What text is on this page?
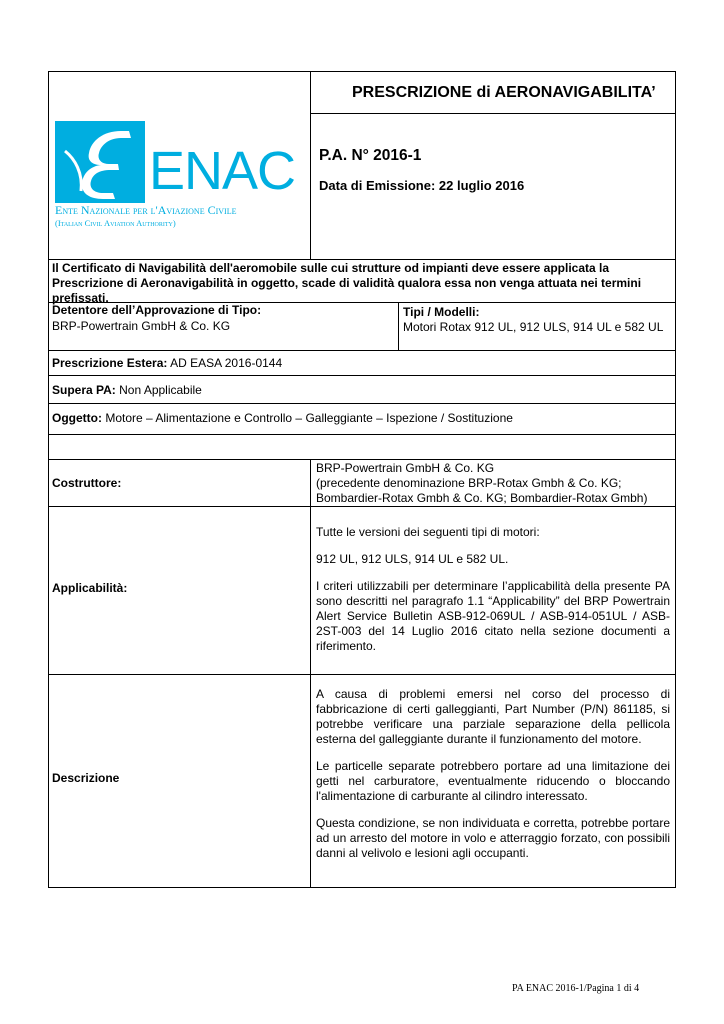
ENAC
Ente Nazionale per l'Aviazione Civile
(Italian Civil Aviation Authority)
PRESCRIZIONE di AERONAVIGABILITA’
P.A. N° 2016-1
Data di Emissione: 22 luglio 2016
Il Certificato di Navigabilità dell'aeromobile sulle cui strutture od impianti deve essere applicata la Prescrizione di Aeronavigabilità in oggetto, scade di validità qualora essa non venga attuata nei termini prefissati.
Detentore dell’Approvazione di Tipo:
BRP-Powertrain GmbH & Co. KG
Tipi / Modelli:
Motori Rotax 912 UL, 912 ULS, 914 UL e 582 UL
Prescrizione Estera: AD EASA 2016-0144
Supera PA: Non Applicabile
Oggetto: Motore – Alimentazione e Controllo – Galleggiante – Ispezione / Sostituzione
Costruttore:
BRP-Powertrain GmbH & Co. KG
(precedente denominazione BRP-Rotax Gmbh & Co. KG;
Bombardier-Rotax Gmbh & Co. KG; Bombardier-Rotax Gmbh)
Applicabilità:
Tutte le versioni dei seguenti tipi di motori:
912 UL, 912 ULS, 914 UL e 582 UL.
I criteri utilizzabili per determinare l’applicabilità della presente PA sono descritti nel paragrafo 1.1 “Applicability” del BRP Powertrain Alert Service Bulletin ASB-912-069UL / ASB-914-051UL / ASB-2ST-003 del 14 Luglio 2016 citato nella sezione documenti a riferimento.
Descrizione
A causa di problemi emersi nel corso del processo di fabbricazione di certi galleggianti, Part Number (P/N) 861185, si potrebbe verificare una parziale separazione della pellicola esterna del galleggiante durante il funzionamento del motore.
Le particelle separate potrebbero portare ad una limitazione dei getti nel carburatore, eventualmente riducendo o bloccando l'alimentazione di carburante al cilindro interessato.
Questa condizione, se non individuata e corretta, potrebbe portare ad un arresto del motore in volo e atterraggio forzato, con possibili danni al velivolo e lesioni agli occupanti.
PA ENAC 2016-1/Pagina 1 di 4
